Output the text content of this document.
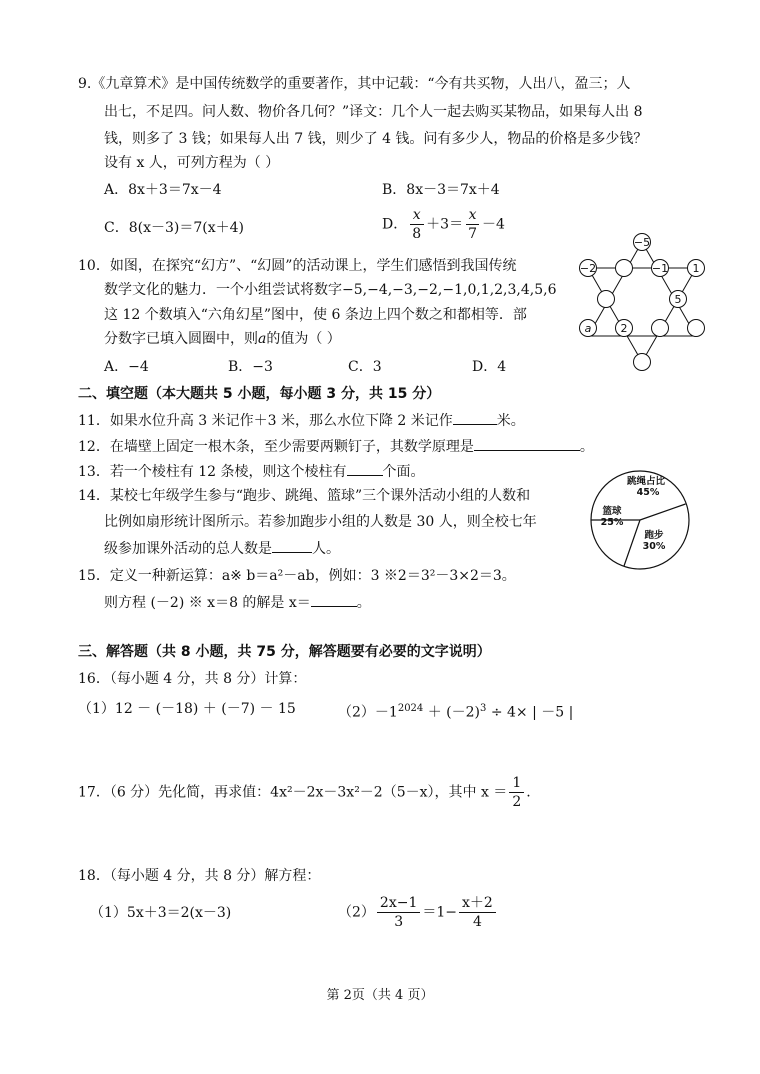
9.《九章算术》是中国传统数学的重要著作，其中记载：“今有共买物，人出八，盈三；人
出七，不足四。问人数、物价各几何？”译文：几个人一起去购买某物品，如果每人出 8
钱，则多了 3 钱；如果每人出 7 钱，则少了 4 钱。问有多少人，物品的价格是多少钱？
设有 x 人，可列方程为（ ）
A．8x＋3＝7x－4	B．8x－3＝7x＋4
C．8(x－3)＝7(x＋4)	D． $\frac{x}{8} +3= \frac{x}{7} -4$
10．如图，在探究“幻方”、“幻圆”的活动课上，学生们感悟到我国传统
数学文化的魅力．一个小组尝试将数字−5,−4,−3,−2,−1,0,1,2,3,4,5,6
这 12 个数填入“六角幻星”图中，使 6 条边上四个数之和都相等．部
分数字已填入圆圈中，则a的值为（ ）
A．−4	B．−3	C．3	D．4
−5
−2	−1 1
5
a	2
二、填空题（本大题共 5 小题，每小题 3 分，共 15 分）
11．如果水位升高 3 米记作＋3 米，那么水位下降 2 米记作	米。
12．在墙壁上固定一根木条，至少需要两颗钉子，其数学原理是	。
13．若一个棱柱有 12 条棱，则这个棱柱有	个面。
14．某校七年级学生参与“跑步、跳绳、篮球”三个课外活动小组的人数和
比例如扇形统计图所示。若参加跑步小组的人数是 30 人，则全校七年
级参加课外活动的总人数是	人。
15．定义一种新运算：a※ b＝a²－ab，例如：3 ※2＝3²－3×2＝3。
则方程 (－2) ※ x＝8 的解是 x＝	。
跳绳占比
45%
篮球
25%
跑步
30%
三、解答题（共 8 小题，共 75 分，解答题要有必要的文字说明）
16．（每小题 4 分，共 8 分）计算：
（1）12 － (－18) ＋ (－7) － 15	$(2)-1^{2024} + (-2)^3 \div 4\times$ | －5 |
17．（6 分）先化简，再求值：4x²－2x－3x²－2（5－x），其中 $x = \frac{1}{2}$ .
18．（每小题 4 分，共 8 分）解方程：
（1）5x＋3＝2(x－3)	$(2) \frac{2x-1}{3} =1- \frac{x+2}{4}$
第 2页（共 4 页）
